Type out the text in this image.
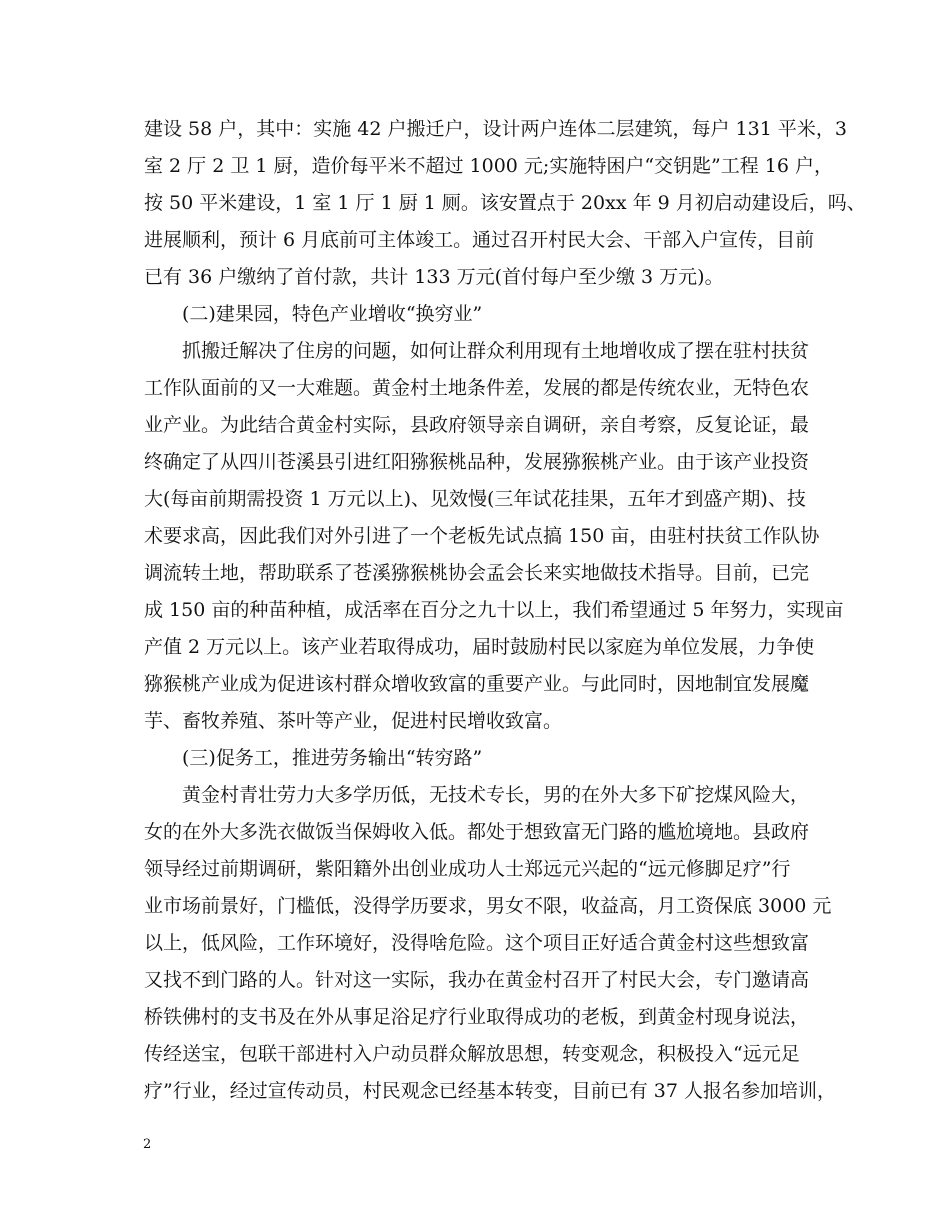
建设 58 户，其中：实施 42 户搬迁户，设计两户连体二层建筑，每户 131 平米，3
室 2 厅 2 卫 1 厨，造价每平米不超过 1000 元;实施特困户“交钥匙”工程 16 户，
按 50 平米建设，1 室 1 厅 1 厨 1 厕。该安置点于 20xx 年 9 月初启动建设后，吗、
进展顺利，预计 6 月底前可主体竣工。通过召开村民大会、干部入户宣传，目前
已有 36 户缴纳了首付款，共计 133 万元(首付每户至少缴 3 万元)。
(二)建果园，特色产业增收“换穷业”
抓搬迁解决了住房的问题，如何让群众利用现有土地增收成了摆在驻村扶贫
工作队面前的又一大难题。黄金村土地条件差，发展的都是传统农业，无特色农
业产业。为此结合黄金村实际，县政府领导亲自调研，亲自考察，反复论证，最
终确定了从四川苍溪县引进红阳猕猴桃品种，发展猕猴桃产业。由于该产业投资
大(每亩前期需投资 1 万元以上)、见效慢(三年试花挂果，五年才到盛产期)、技
术要求高，因此我们对外引进了一个老板先试点搞 150 亩，由驻村扶贫工作队协
调流转土地，帮助联系了苍溪猕猴桃协会孟会长来实地做技术指导。目前，已完
成 150 亩的种苗种植，成活率在百分之九十以上，我们希望通过 5 年努力，实现亩
产值 2 万元以上。该产业若取得成功，届时鼓励村民以家庭为单位发展，力争使
猕猴桃产业成为促进该村群众增收致富的重要产业。与此同时，因地制宜发展魔
芋、畜牧养殖、茶叶等产业，促进村民增收致富。
(三)促务工，推进劳务输出“转穷路”
黄金村青壮劳力大多学历低，无技术专长，男的在外大多下矿挖煤风险大，
女的在外大多洗衣做饭当保姆收入低。都处于想致富无门路的尴尬境地。县政府
领导经过前期调研，紫阳籍外出创业成功人士郑远元兴起的“远元修脚足疗”行
业市场前景好，门槛低，没得学历要求，男女不限，收益高，月工资保底 3000 元
以上，低风险，工作环境好，没得啥危险。这个项目正好适合黄金村这些想致富
又找不到门路的人。针对这一实际，我办在黄金村召开了村民大会，专门邀请高
桥铁佛村的支书及在外从事足浴足疗行业取得成功的老板，到黄金村现身说法，
传经送宝，包联干部进村入户动员群众解放思想，转变观念，积极投入“远元足
疗”行业，经过宣传动员，村民观念已经基本转变，目前已有 37 人报名参加培训，
2
